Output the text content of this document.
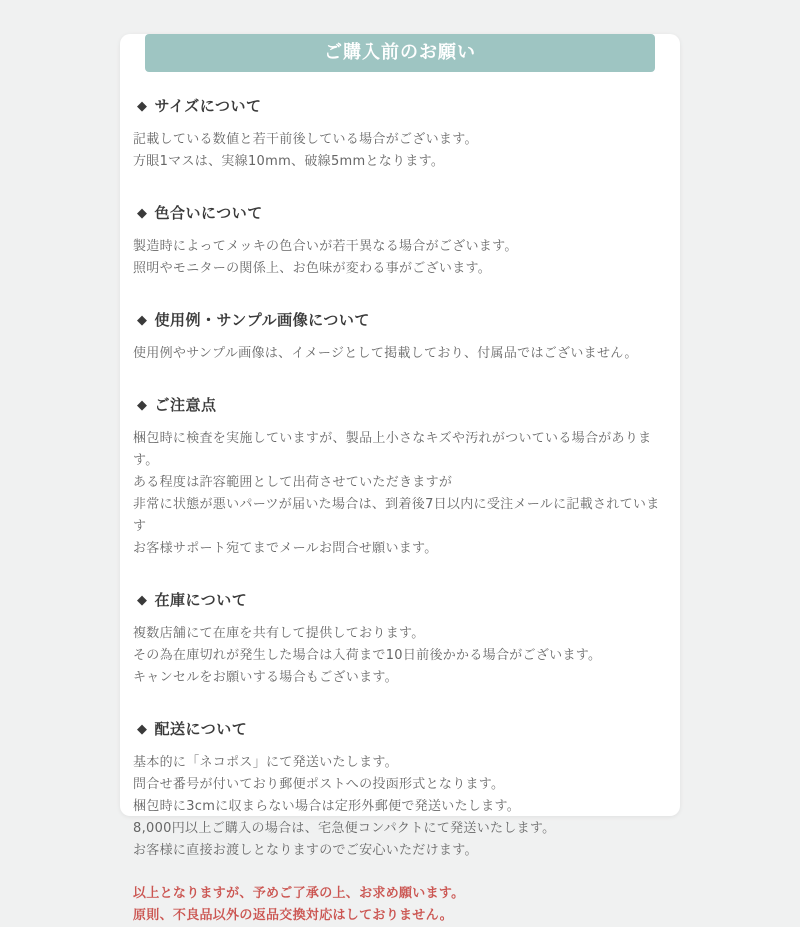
ご購入前のお願い
◆ サイズについて

記載している数値と若干前後している場合がございます。

方眼1マスは、実線10mm、破線5mmとなります。

◆ 色合いについて

製造時によってメッキの色合いが若干異なる場合がございます。

照明やモニターの関係上、お色味が変わる事がございます。

◆ 使用例・サンプル画像について

使用例やサンプル画像は、イメージとして掲載しており、付属品ではございません。

◆ ご注意点

梱包時に検査を実施していますが、製品上小さなキズや汚れがついている場合があります。

ある程度は許容範囲として出荷させていただきますが

非常に状態が悪いパーツが届いた場合は、到着後7日以内に受注メールに記載されています

お客様サポート宛てまでメールお問合せ願います。

◆ 在庫について

複数店舗にて在庫を共有して提供しております。

その為在庫切れが発生した場合は入荷まで10日前後かかる場合がございます。

キャンセルをお願いする場合もございます。

◆ 配送について

基本的に「ネコポス」にて発送いたします。

問合せ番号が付いており郵便ポストへの投函形式となります。

梱包時に3cmに収まらない場合は定形外郵便で発送いたします。

8,000円以上ご購入の場合は、宅急便コンパクトにて発送いたします。

お客様に直接お渡しとなりますのでご安心いただけます。

以上となりますが、予めご了承の上、お求め願います。

原則、不良品以外の返品交換対応はしておりません。
